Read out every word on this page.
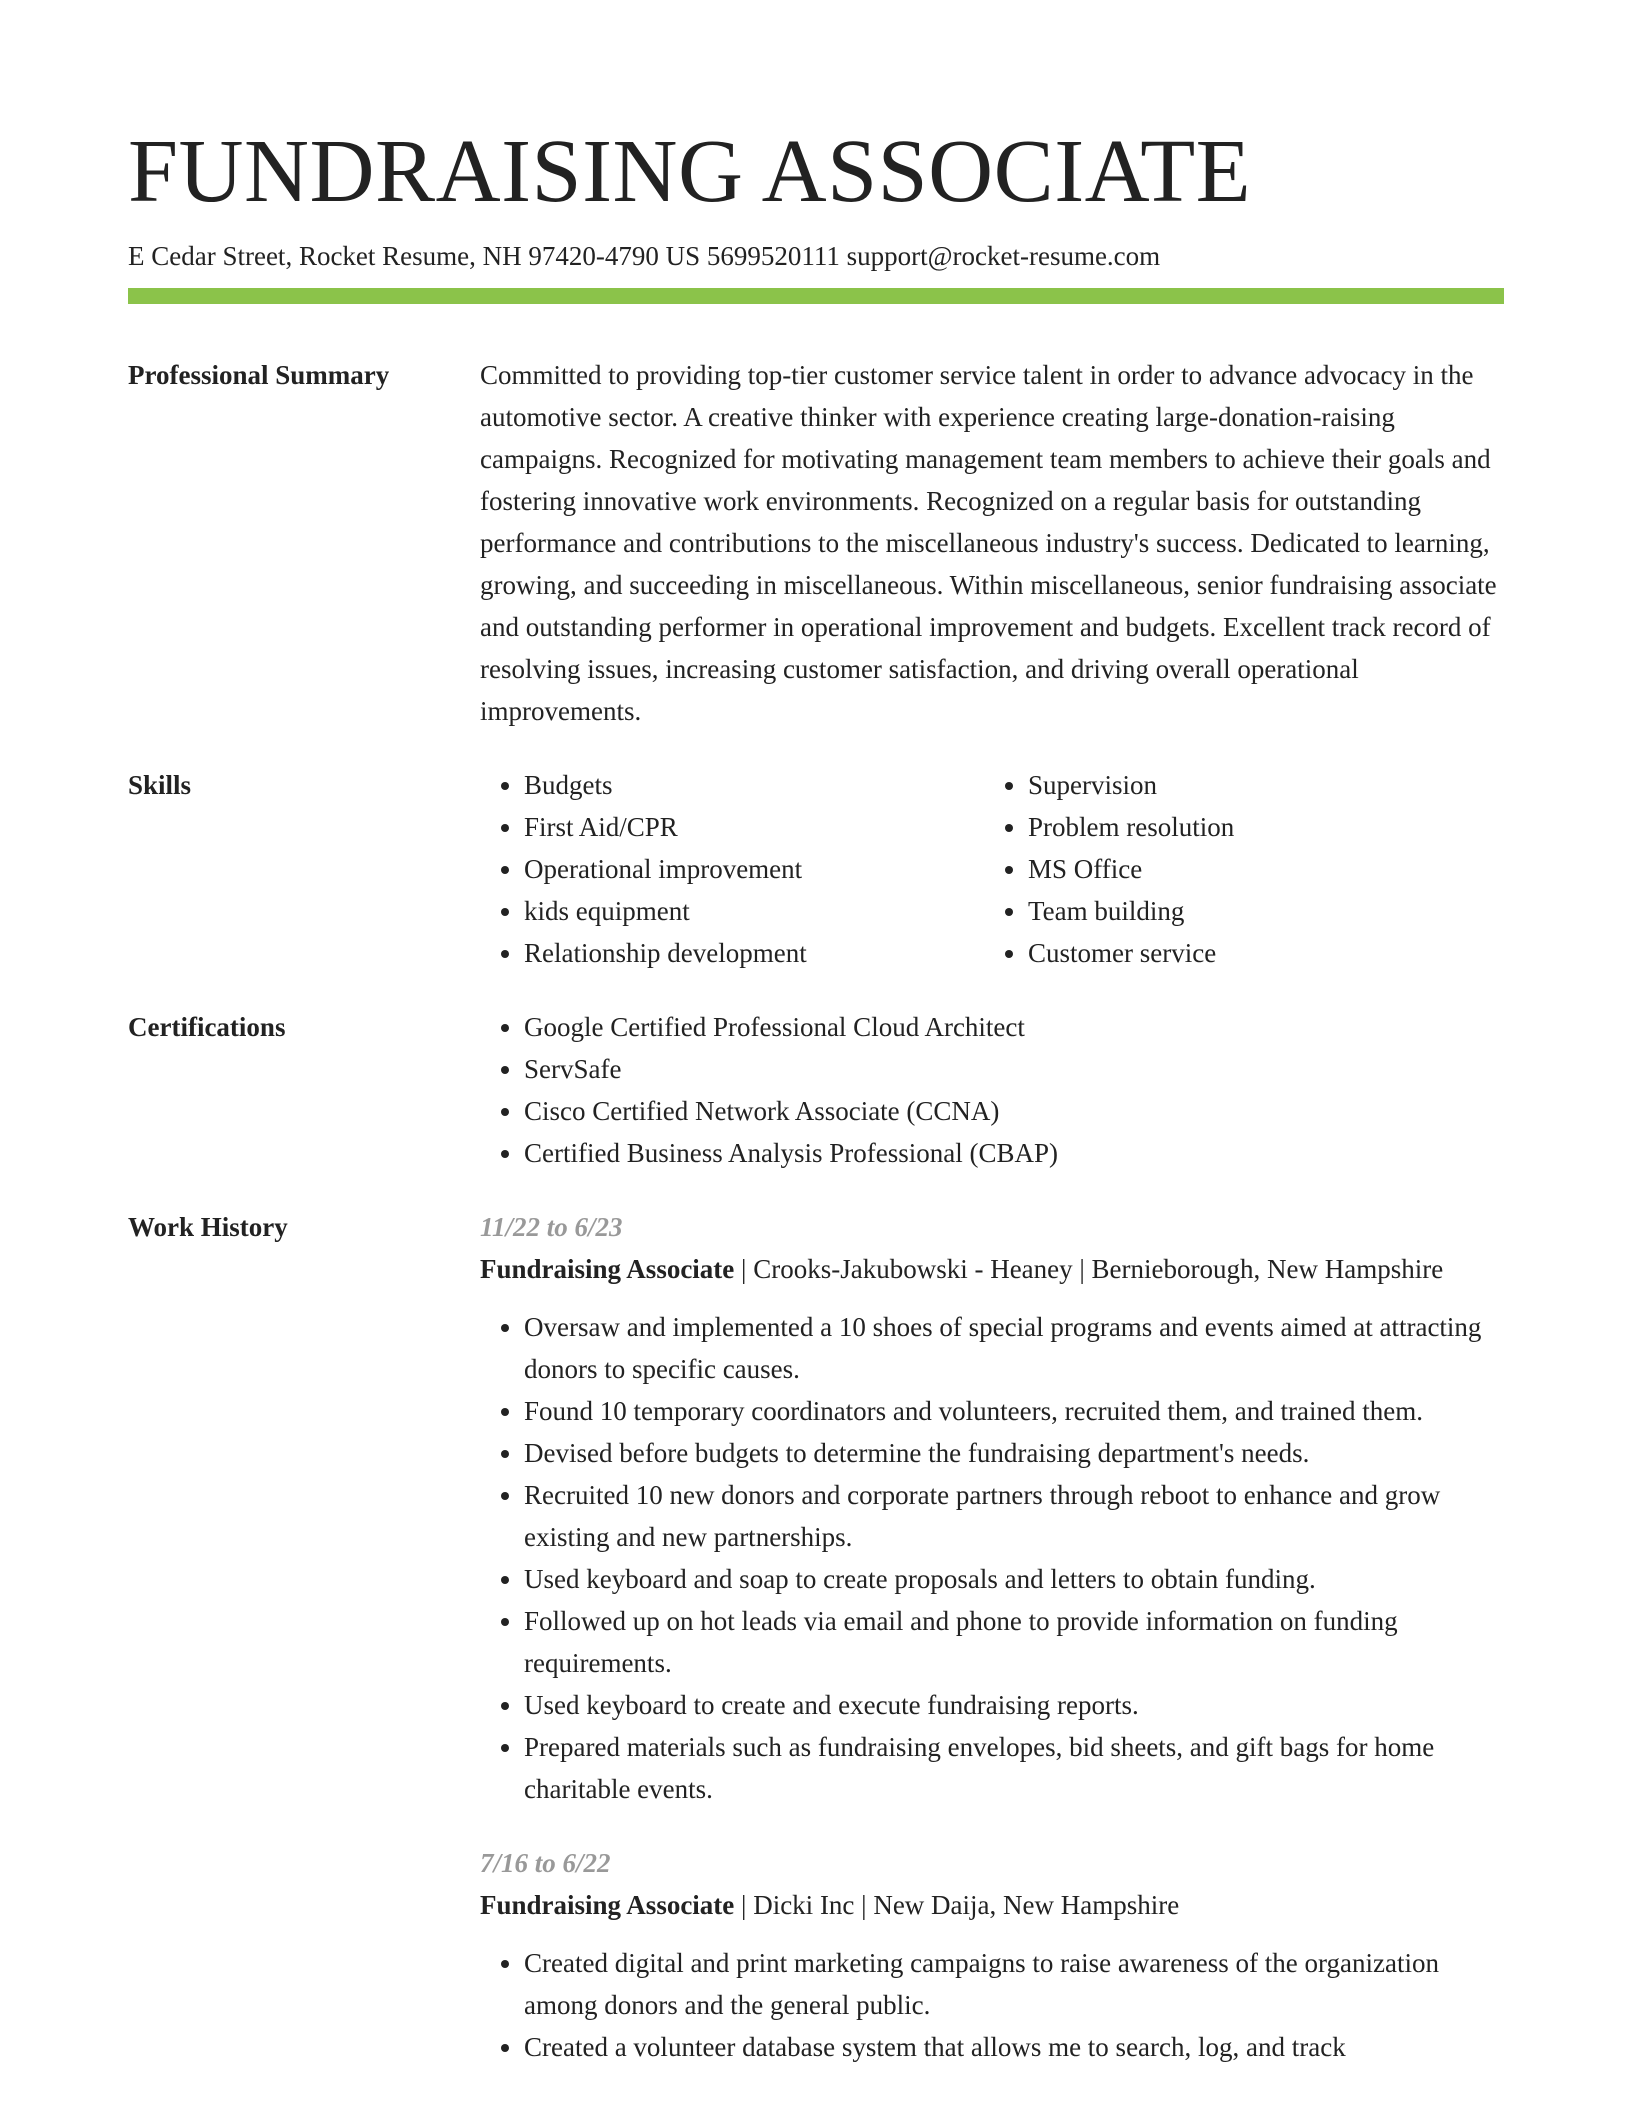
FUNDRAISING ASSOCIATE
E Cedar Street, Rocket Resume, NH 97420-4790 US 5699520111 support@rocket-resume.com
Professional Summary	Committed to providing top-tier customer service talent in order to advance advocacy in the automotive sector. A creative thinker with experience creating large-donation-raising campaigns. Recognized for motivating management team members to achieve their goals and fostering innovative work environments. Recognized on a regular basis for outstanding performance and contributions to the miscellaneous industry's success. Dedicated to learning, growing, and succeeding in miscellaneous. Within miscellaneous, senior fundraising associate and outstanding performer in operational improvement and budgets. Excellent track record of resolving issues, increasing customer satisfaction, and driving overall operational improvements.

Skills	• Budgets
• First Aid/CPR
• Operational improvement
• kids equipment
• Relationship development
• Supervision
• Problem resolution
• MS Office
• Team building
• Customer service
Certifications	• Google Certified Professional Cloud Architect
• ServSafe
• Cisco Certified Network Associate (CCNA)
• Certified Business Analysis Professional (CBAP)
Work History	11/22 to 6/23

Fundraising Associate | Crooks-Jakubowski - Heaney | Bernieborough, New Hampshire

• Oversaw and implemented a 10 shoes of special programs and events aimed at attracting donors to specific causes.
• Found 10 temporary coordinators and volunteers, recruited them, and trained them.
• Devised before budgets to determine the fundraising department's needs.
• Recruited 10 new donors and corporate partners through reboot to enhance and grow existing and new partnerships.
• Used keyboard and soap to create proposals and letters to obtain funding.
• Followed up on hot leads via email and phone to provide information on funding requirements.
• Used keyboard to create and execute fundraising reports.
• Prepared materials such as fundraising envelopes, bid sheets, and gift bags for home charitable events.
7/16 to 6/22

Fundraising Associate | Dicki Inc | New Daija, New Hampshire

• Created digital and print marketing campaigns to raise awareness of the organization among donors and the general public.
• Created a volunteer database system that allows me to search, log, and track
